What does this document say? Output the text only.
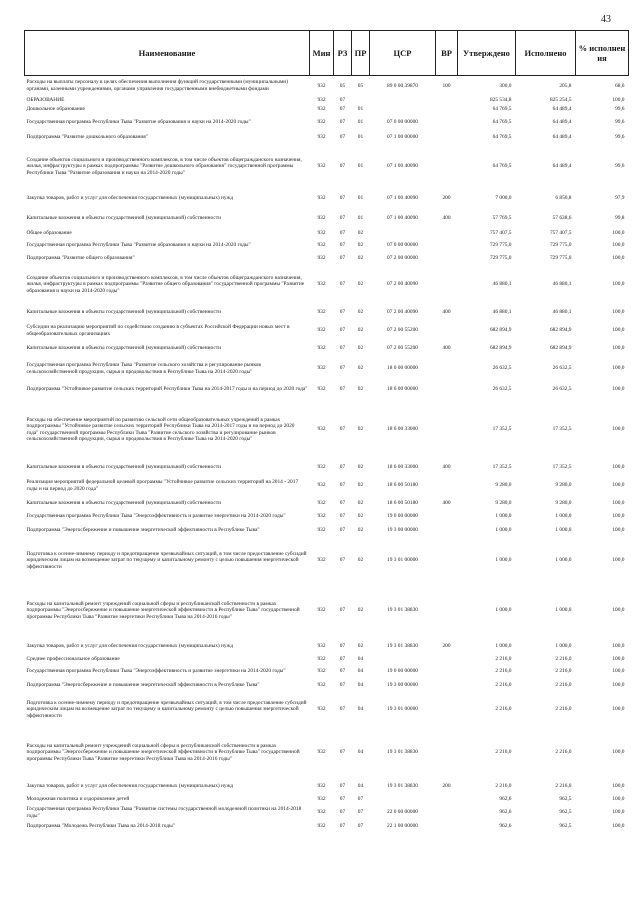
43
Наименование	Мин	РЗ	ПР	ЦСР	ВР	Утверждено	Исполнено	% исполнения
Расходы на выплаты персоналу в целях обеспечения выполнения функций государственными (муниципальными) органами, казенными учреждениями, органами управления государственными внебюджетными фондами	932	05	05	89 0 00 39870	100	300,0	205,8	68,6
ОБРАЗОВАНИЕ	932	07				825 534,8	825 254,5	100,0
Дошкольное образование	932	07	01			64 769,5	64 489,4	99,6
Государственная программа Республики Тыва "Развитие образования и науки на 2014-2020 годы"	932	07	01	07 0 00 00000		64 769,5	64 489,4	99,6
Подпрограмма "Развитие дошкольного образования"	932	07	01	07 1 00 00000		64 769,5	64 489,4	99,6
Создание объектов социального и производственного комплексов, в том числе объектов общегражданского назначения, жилья, инфраструктуры в рамках подпрограммы "Развитие дошкольного образования" государственной программы Республики Тыва "Развитие образования и науки на 2014-2020 годы"	932	07	01	07 1 00 40090		64 769,5	64 489,4	99,6
Закупка товаров, работ и услуг для обеспечения государственных (муниципальных) нужд	932	07	01	07 1 00 40090	200	7 000,0	6 850,8	97,9
Капитальные вложения в объекты государственной (муниципальной) собственности	932	07	01	07 1 00 40090	400	57 769,5	57 638,6	99,8
Общее образование	932	07	02			757 407,5	757 407,5	100,0
Государственная программа Республики Тыва "Развитие образования и науки на 2014-2020 годы"	932	07	02	07 0 00 00000		729 775,0	729 775,0	100,0
Подпрограмма "Развитие общего образования"	932	07	02	07 2 00 00000		729 775,0	729 775,0	100,0
Создание объектов социального и производственного комплексов, в том числе объектов общегражданского назначения, жилья, инфраструктуры в рамках подпрограммы "Развитие общего образования" государственной программы "Развитие образования и науки на 2014-2020 годы"	932	07	02	07 2 00 40090		46 880,1	46 880,1	100,0
Капитальные вложения в объекты государственной (муниципальной) собственности	932	07	02	07 2 00 40090	400	46 880,1	46 880,1	100,0
Субсидии на реализацию мероприятий по содействию созданию в субъектах Российской Федерации новых мест в общеобразовательных организациях	932	07	02	07 2 00 55200		682 894,9	682 894,9	100,0
Капитальные вложения в объекты государственной (муниципальной) собственности	932	07	02	07 2 00 55200	400	682 894,9	682 894,9	100,0
Государственная программа Республики Тыва "Развитие сельского хозяйства и регулирование рынков сельскохозяйственной продукции, сырья и продовольствия в Республике Тыва на 2014-2020 годы"	932	07	02	18 0 00 00000		26 632,5	26 632,5	100,0
Подпрограмма "Устойчивое развитие сельских территорий Республики Тыва на 2014-2017 годы и на период до 2020 года"	932	07	02	18 6 00 00000		26 632,5	26 632,5	100,0
Расходы на обеспечение мероприятий по развитию сельской сети общеобразовательных учреждений в рамках подпрограммы "Устойчивое развитие сельских территорий Республики Тыва на 2014-2017 годы и на период до 2020 года" государственной программы Республики Тыва "Развитие сельского хозяйства и регулирование рынков сельскохозяйственной продукции, сырья и продовольствия в Республике Тыва на 2014-2020 годы"	932	07	02	18 6 00 33000		17 352,5	17 352,5	100,0
Капитальные вложения в объекты государственной (муниципальной) собственности	932	07	02	18 6 00 33000	400	17 352,5	17 352,5	100,0
Реализация мероприятий федеральной целевой программы "Устойчивое развитие сельских территорий на 2014 - 2017 годы и на период до 2020 года"	932	07	02	18 6 00 50180		9 280,0	9 280,0	100,0
Капитальные вложения в объекты государственной (муниципальной) собственности	932	07	02	18 6 00 50180	400	9 280,0	9 280,0	100,0
Государственная программа Республики Тыва "Энергоэффективность и развитие энергетики на 2014-2020 годы"	932	07	02	19 0 00 00000		1 000,0	1 000,0	100,0
Подпрограмма "Энергосбережение и повышение энергетической эффективности в Республике Тыва"	932	07	02	19 3 00 00000		1 000,0	1 000,0	100,0
Подготовка к осенне-зимнему периоду и предотвращение чрезвычайных ситуаций, в том числе предоставление субсидий юридическим лицам на возмещение затрат по текущему и капитальному ремонту с целью повышения энергетической эффективности	932	07	02	19 3 01 00000		1 000,0	1 000,0	100,0
Расходы на капитальный ремонт учреждений социальной сферы и республиканской собственности в рамках подпрограммы "Энергосбережение и повышение энергетической эффективности в Республике Тыва" государственной программы Республики Тыва "Развитие энергетики Республики Тыва на 2014-2016 годы"	932	07	02	19 3 01 38830		1 000,0	1 000,0	100,0
Закупка товаров, работ и услуг для обеспечения государственных (муниципальных) нужд	932	07	02	19 3 01 38830	200	1 000,0	1 000,0	100,0
Среднее профессиональное образование	932	07	04			2 216,0	2 216,0	100,0
Государственная программа Республики Тыва "Энергоэффективность и развитие энергетики на 2014-2020 годы"	932	07	04	19 0 00 00000		2 216,0	2 216,0	100,0
Подпрограмма "Энергосбережение и повышение энергетической эффективности в Республике Тыва"	932	07	04	19 3 00 00000		2 216,0	2 216,0	100,0
Подготовка к осенне-зимнему периоду и предотвращение чрезвычайных ситуаций, в том числе предоставление субсидий юридическим лицам на возмещение затрат по текущему и капитальному ремонту с целью повышения энергетической эффективности	932	07	04	19 3 01 00000		2 216,0	2 216,0	100,0
Расходы на капитальный ремонт учреждений социальной сферы и республиканской собственности в рамках подпрограммы "Энергосбережение и повышение энергетической эффективности в Республике Тыва" государственной программы Республики Тыва "Развитие энергетики Республики Тыва на 2014-2016 годы"	932	07	04	19 3 01 38830		2 216,0	2 216,0	100,0
Закупка товаров, работ и услуг для обеспечения государственных (муниципальных) нужд	932	07	04	19 3 01 38830	200	2 216,0	2 216,0	100,0
Молодежная политика и оздоровление детей	932	07	07			962,6	962,5	100,0
Государственная программа Республики Тыва "Развитие системы государственной молодежной политики на 2014-2018 годы"	932	07	07	22 0 00 00000		962,6	962,5	100,0
Подпрограмма "Молодежь Республики Тыва на 2014-2018 годы"	932	07	07	22 1 00 00000		962,6	962,5	100,0
